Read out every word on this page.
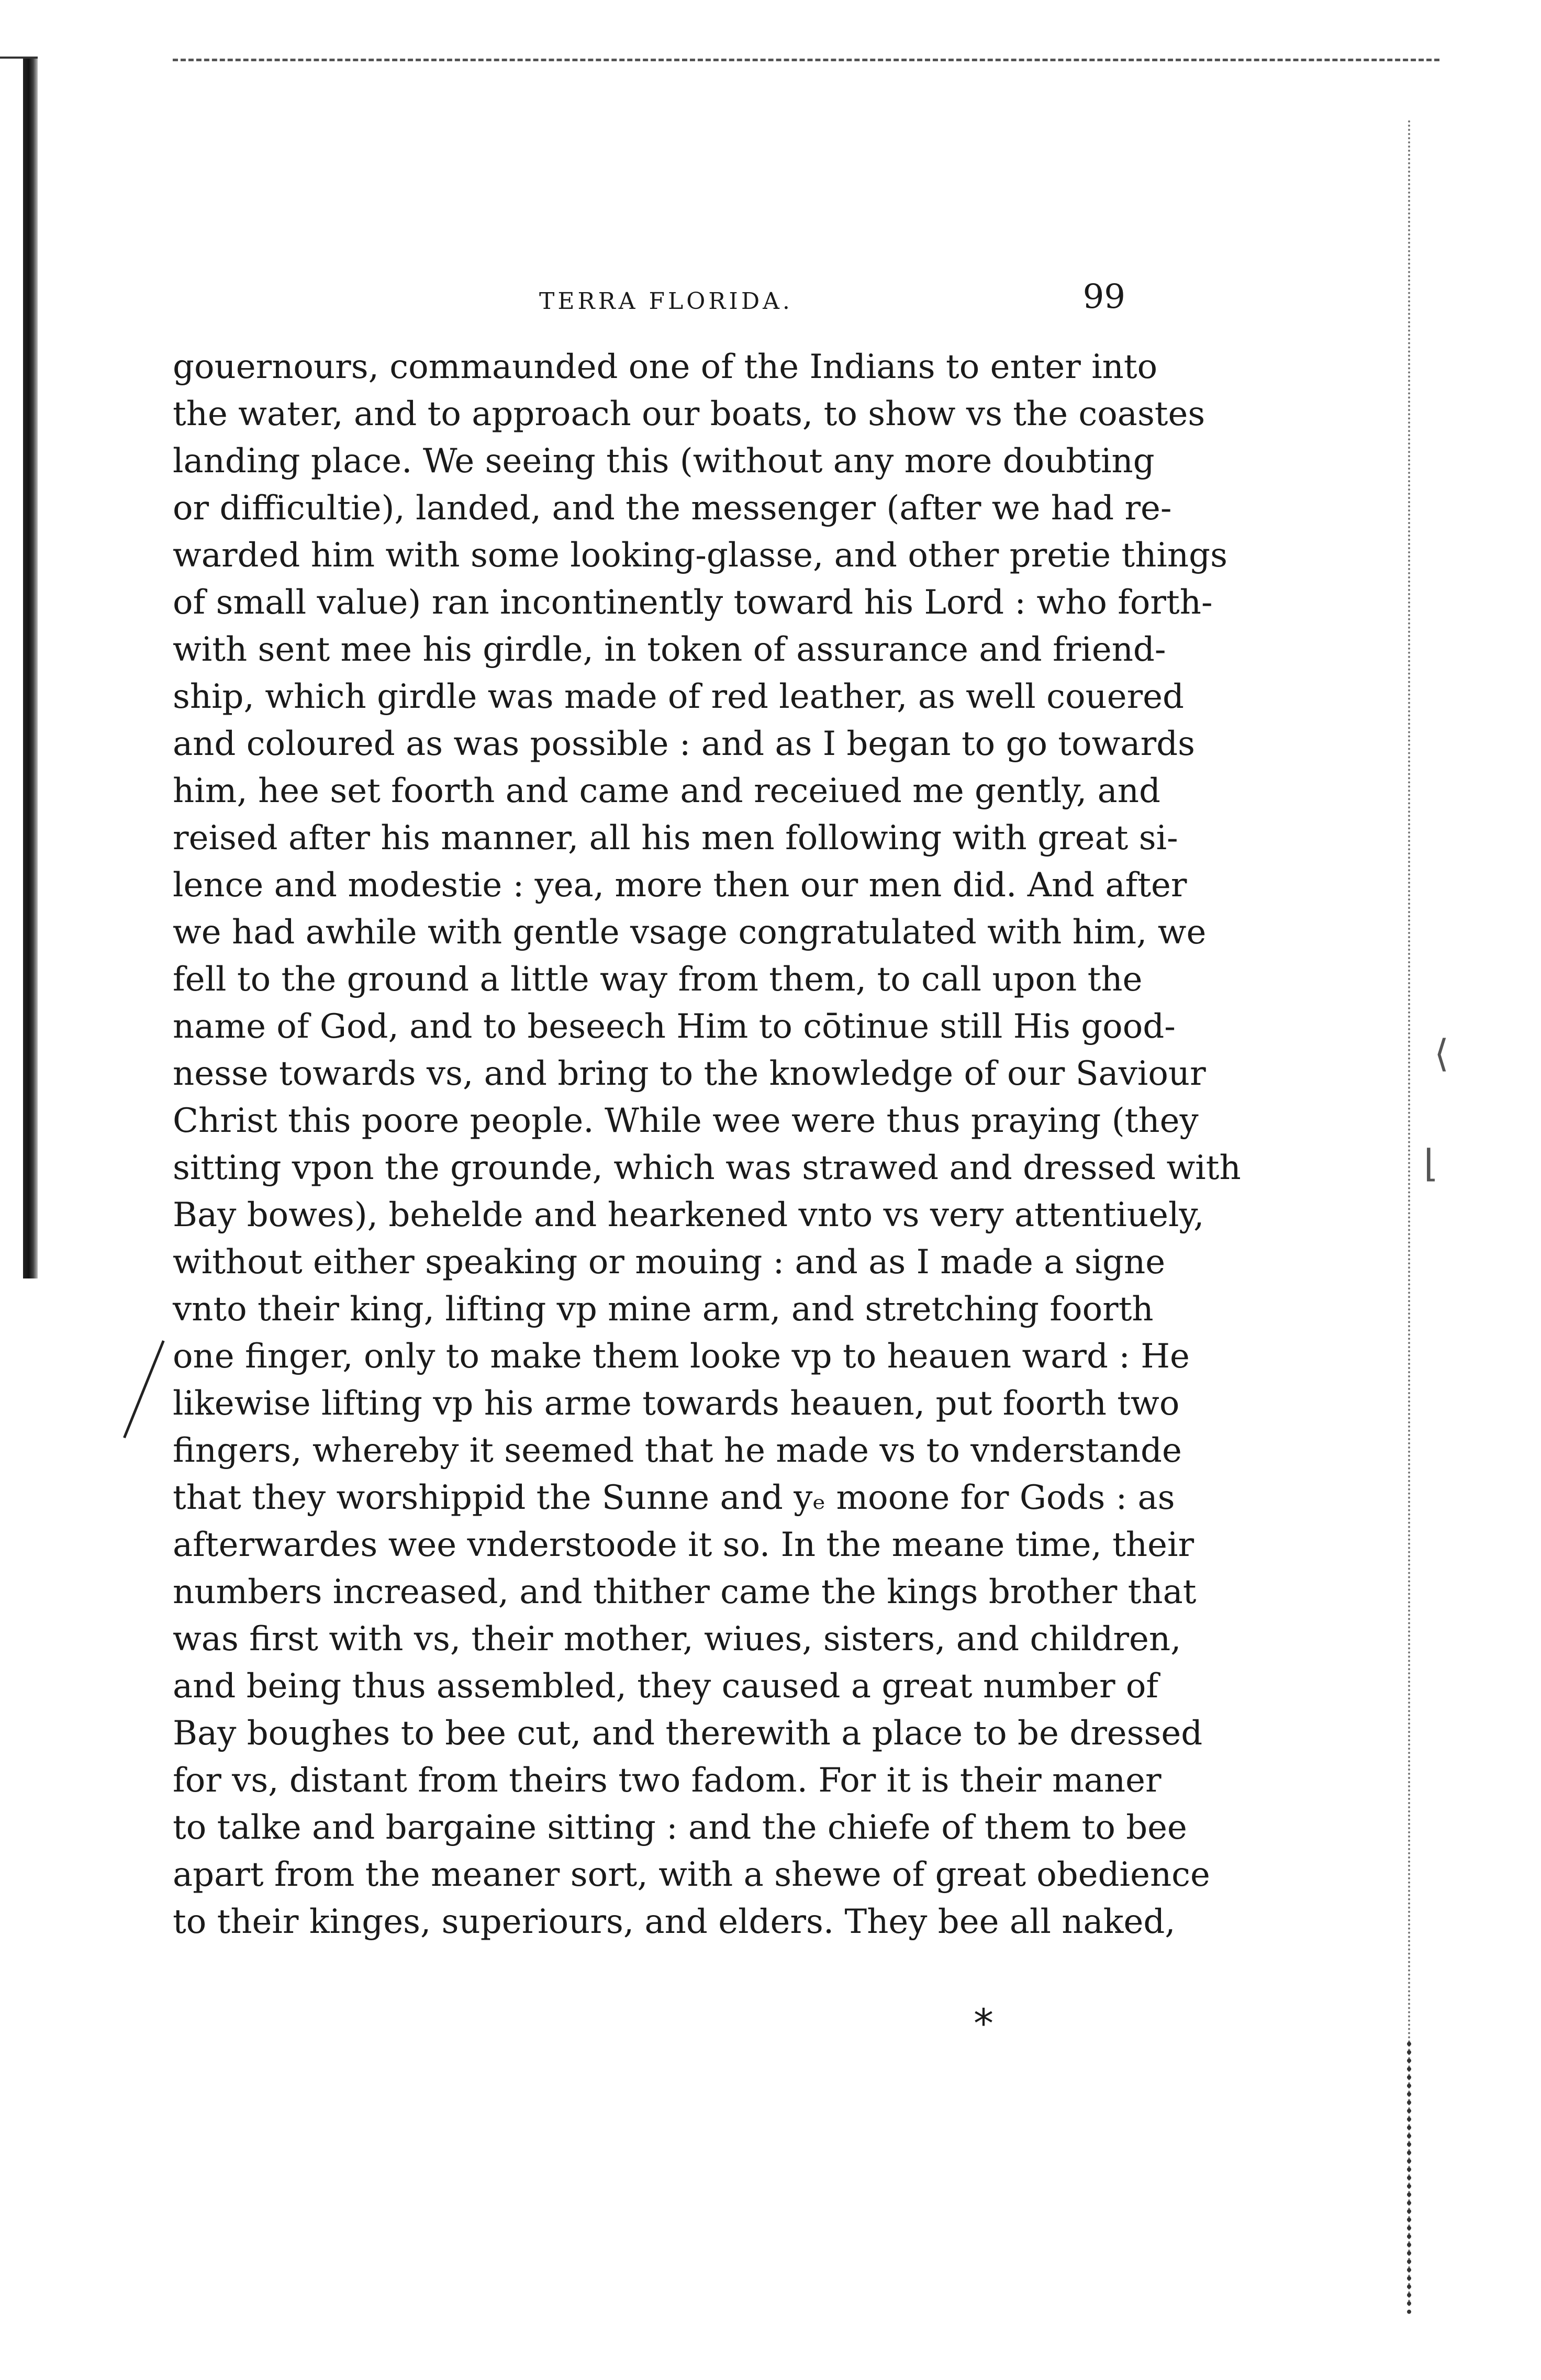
⟨
⌊
TERRA FLORIDA.	99
gouernours, commaunded one of the Indians to enter into
the water, and to approach our boats, to show vs the coastes
landing place. We seeing this (without any more doubting
or difficultie), landed, and the messenger (after we had re-
warded him with some looking-glasse, and other pretie things
of small value) ran incontinently toward his Lord : who forth-
with sent mee his girdle, in token of assurance and friend-
ship, which girdle was made of red leather, as well couered
and coloured as was possible : and as I began to go towards
him, hee set foorth and came and receiued me gently, and
reised after his manner, all his men following with great si-
lence and modestie : yea, more then our men did. And after
we had awhile with gentle vsage congratulated with him, we
fell to the ground a little way from them, to call upon the
name of God, and to beseech Him to cōtinue still His good-
nesse towards vs, and bring to the knowledge of our Saviour
Christ this poore people. While wee were thus praying (they
sitting vpon the grounde, which was strawed and dressed with
Bay bowes), beheldе and hearkened vnto vs very attentiuely,
without either speaking or mouing : and as I made a signe
vnto their king, lifting vp mine arm, and stretching foorth
one finger, only to make them looke vp to heauen ward : He
likewise lifting vp his arme towards heauen, put foorth two
fingers, whereby it seemed that he made vs to vnderstande
that they worshippid the Sunne and yₑ moone for Gods : as
afterwardes wee vnderstoode it so. In the meane time, their
numbers increased, and thither came the kings brother that
was first with vs, their mother, wiues, sisters, and children,
and being thus assembled, they caused a great number of
Bay boughes to bee cut, and therewith a place to be dressed
for vs, distant from theirs two fadom. For it is their maner
to talke and bargaine sitting : and the chiefe of them to bee
apart from the meaner sort, with a shewe of great obedience
to their kinges, superiours, and elders. They bee all naked,
*
